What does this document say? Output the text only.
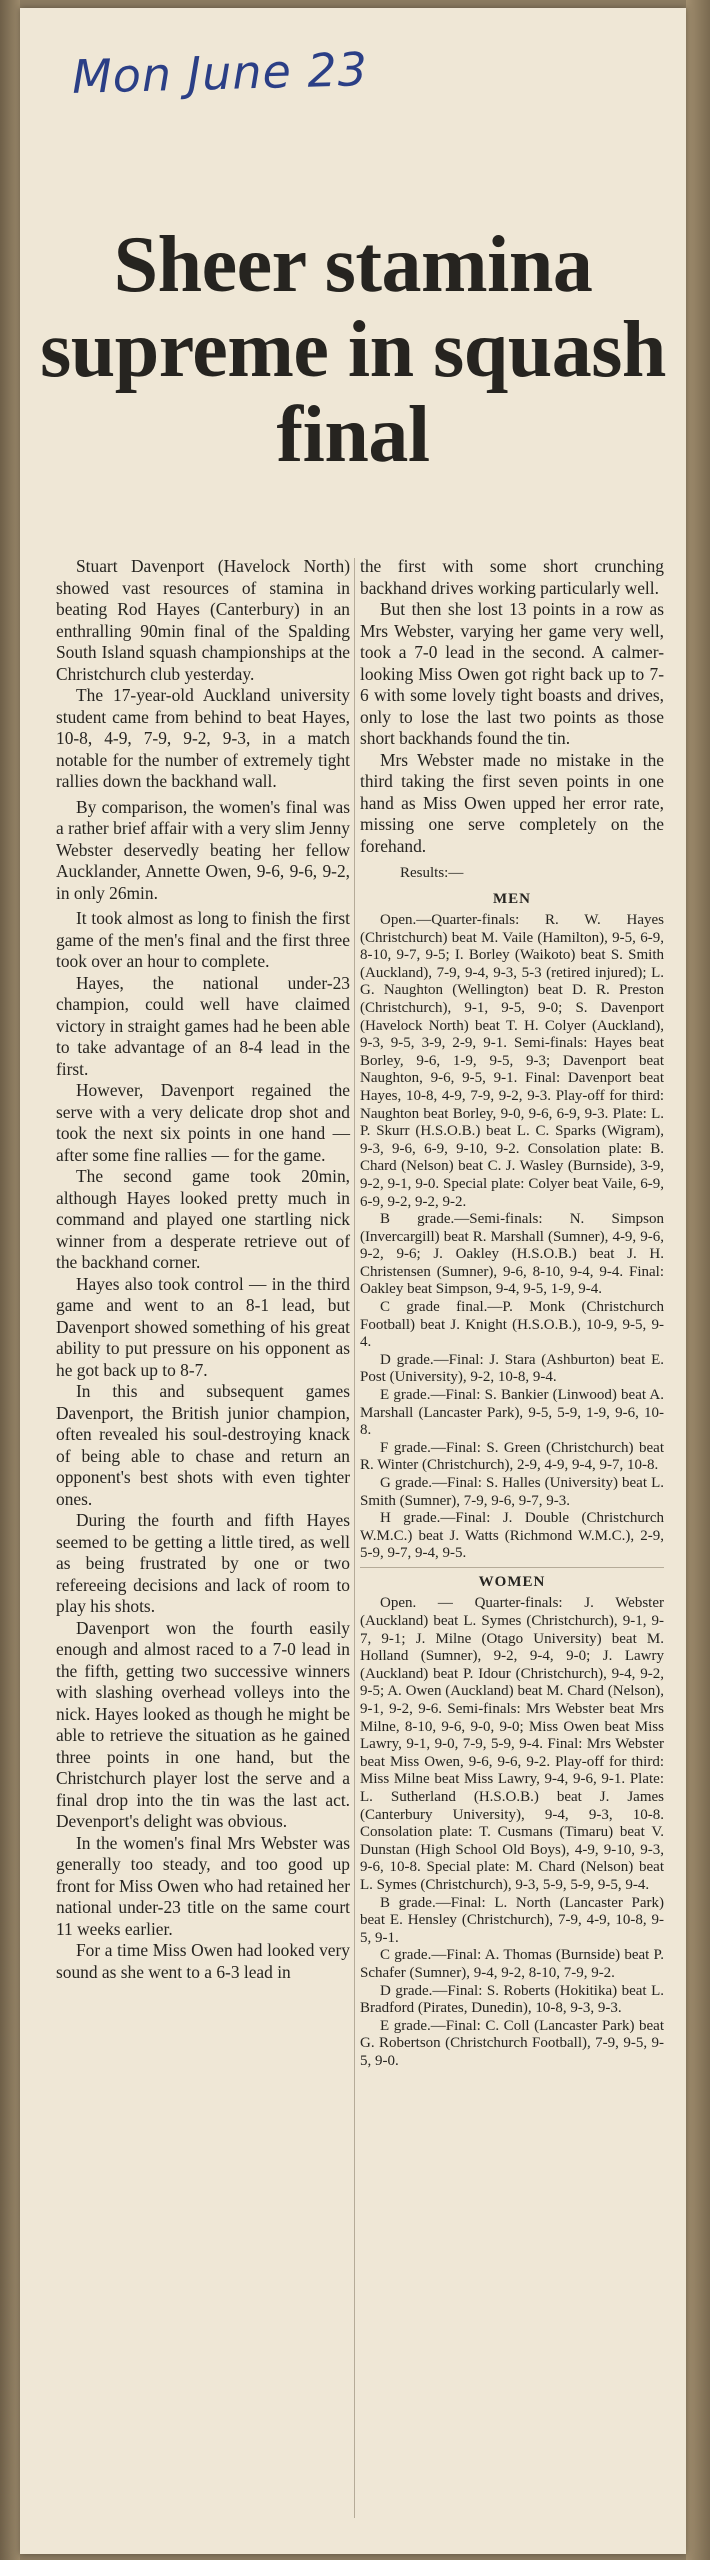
Mon June 23
Sheer stamina supreme in squash final

Stuart Davenport (Havelock North) showed vast resources of stamina in beating Rod Hayes (Canterbury) in an enthralling 90min final of the Spalding South Island squash championships at the Christchurch club yesterday.

The 17-year-old Auckland university student came from behind to beat Hayes, 10-8, 4-9, 7-9, 9-2, 9-3, in a match notable for the number of extremely tight rallies down the backhand wall.

By comparison, the women's final was a rather brief affair with a very slim Jenny Webster deservedly beating her fellow Aucklander, Annette Owen, 9-6, 9-6, 9-2, in only 26min.

It took almost as long to finish the first game of the men's final and the first three took over an hour to complete.

Hayes, the national under-23 champion, could well have claimed victory in straight games had he been able to take advantage of an 8-4 lead in the first.

However, Davenport regained the serve with a very delicate drop shot and took the next six points in one hand — after some fine rallies — for the game.

The second game took 20min, although Hayes looked pretty much in command and played one startling nick winner from a desperate retrieve out of the backhand corner.

Hayes also took control — in the third game and went to an 8-1 lead, but Davenport showed something of his great ability to put pressure on his opponent as he got back up to 8-7.

In this and subsequent games Davenport, the British junior champion, often revealed his soul-destroying knack of being able to chase and return an opponent's best shots with even tighter ones.

During the fourth and fifth Hayes seemed to be getting a little tired, as well as being frustrated by one or two refereeing decisions and lack of room to play his shots.

Davenport won the fourth easily enough and almost raced to a 7-0 lead in the fifth, getting two successive winners with slashing overhead volleys into the nick. Hayes looked as though he might be able to retrieve the situation as he gained three points in one hand, but the Christchurch player lost the serve and a final drop into the tin was the last act. Devenport's delight was obvious.

In the women's final Mrs Webster was generally too steady, and too good up front for Miss Owen who had retained her national under-23 title on the same court 11 weeks earlier.

For a time Miss Owen had looked very sound as she went to a 6-3 lead in

the first with some short crunching backhand drives working particularly well.

But then she lost 13 points in a row as Mrs Webster, varying her game very well, took a 7-0 lead in the second. A calmer-looking Miss Owen got right back up to 7-6 with some lovely tight boasts and drives, only to lose the last two points as those short backhands found the tin.

Mrs Webster made no mistake in the third taking the first seven points in one hand as Miss Owen upped her error rate, missing one serve completely on the forehand.

Results:—
MEN

Open.—Quarter-finals: R. W. Hayes (Christchurch) beat M. Vaile (Hamilton), 9-5, 6-9, 8-10, 9-7, 9-5; I. Borley (Waikoto) beat S. Smith (Auckland), 7-9, 9-4, 9-3, 5-3 (retired injured); L. G. Naughton (Wellington) beat D. R. Preston (Christchurch), 9-1, 9-5, 9-0; S. Davenport (Havelock North) beat T. H. Colyer (Auckland), 9-3, 9-5, 3-9, 2-9, 9-1. Semi-finals: Hayes beat Borley, 9-6, 1-9, 9-5, 9-3; Davenport beat Naughton, 9-6, 9-5, 9-1. Final: Davenport beat Hayes, 10-8, 4-9, 7-9, 9-2, 9-3. Play-off for third: Naughton beat Borley, 9-0, 9-6, 6-9, 9-3. Plate: L. P. Skurr (H.S.O.B.) beat L. C. Sparks (Wigram), 9-3, 9-6, 6-9, 9-10, 9-2. Consolation plate: B. Chard (Nelson) beat C. J. Wasley (Burnside), 3-9, 9-2, 9-1, 9-0. Special plate: Colyer beat Vaile, 6-9, 6-9, 9-2, 9-2, 9-2.

B grade.—Semi-finals: N. Simpson (Invercargill) beat R. Marshall (Sumner), 4-9, 9-6, 9-2, 9-6; J. Oakley (H.S.O.B.) beat J. H. Christensen (Sumner), 9-6, 8-10, 9-4, 9-4. Final: Oakley beat Simpson, 9-4, 9-5, 1-9, 9-4.

C grade final.—P. Monk (Christchurch Football) beat J. Knight (H.S.O.B.), 10-9, 9-5, 9-4.

D grade.—Final: J. Stara (Ashburton) beat E. Post (University), 9-2, 10-8, 9-4.

E grade.—Final: S. Bankier (Linwood) beat A. Marshall (Lancaster Park), 9-5, 5-9, 1-9, 9-6, 10-8.

F grade.—Final: S. Green (Christchurch) beat R. Winter (Christchurch), 2-9, 4-9, 9-4, 9-7, 10-8.

G grade.—Final: S. Halles (University) beat L. Smith (Sumner), 7-9, 9-6, 9-7, 9-3.

H grade.—Final: J. Double (Christchurch W.M.C.) beat J. Watts (Richmond W.M.C.), 2-9, 5-9, 9-7, 9-4, 9-5.

WOMEN

Open. — Quarter-finals: J. Webster (Auckland) beat L. Symes (Christchurch), 9-1, 9-7, 9-1; J. Milne (Otago University) beat M. Holland (Sumner), 9-2, 9-4, 9-0; J. Lawry (Auckland) beat P. Idour (Christchurch), 9-4, 9-2, 9-5; A. Owen (Auckland) beat M. Chard (Nelson), 9-1, 9-2, 9-6. Semi-finals: Mrs Webster beat Mrs Milne, 8-10, 9-6, 9-0, 9-0; Miss Owen beat Miss Lawry, 9-1, 9-0, 7-9, 5-9, 9-4. Final: Mrs Webster beat Miss Owen, 9-6, 9-6, 9-2. Play-off for third: Miss Milne beat Miss Lawry, 9-4, 9-6, 9-1. Plate: L. Sutherland (H.S.O.B.) beat J. James (Canterbury University), 9-4, 9-3, 10-8. Consolation plate: T. Cusmans (Timaru) beat V. Dunstan (High School Old Boys), 4-9, 9-10, 9-3, 9-6, 10-8. Special plate: M. Chard (Nelson) beat L. Symes (Christchurch), 9-3, 5-9, 5-9, 9-5, 9-4.

B grade.—Final: L. North (Lancaster Park) beat E. Hensley (Christchurch), 7-9, 4-9, 10-8, 9-5, 9-1.

C grade.—Final: A. Thomas (Burnside) beat P. Schafer (Sumner), 9-4, 9-2, 8-10, 7-9, 9-2.

D grade.—Final: S. Roberts (Hokitika) beat L. Bradford (Pirates, Dunedin), 10-8, 9-3, 9-3.

E grade.—Final: C. Coll (Lancaster Park) beat G. Robertson (Christchurch Football), 7-9, 9-5, 9-5, 9-0.
